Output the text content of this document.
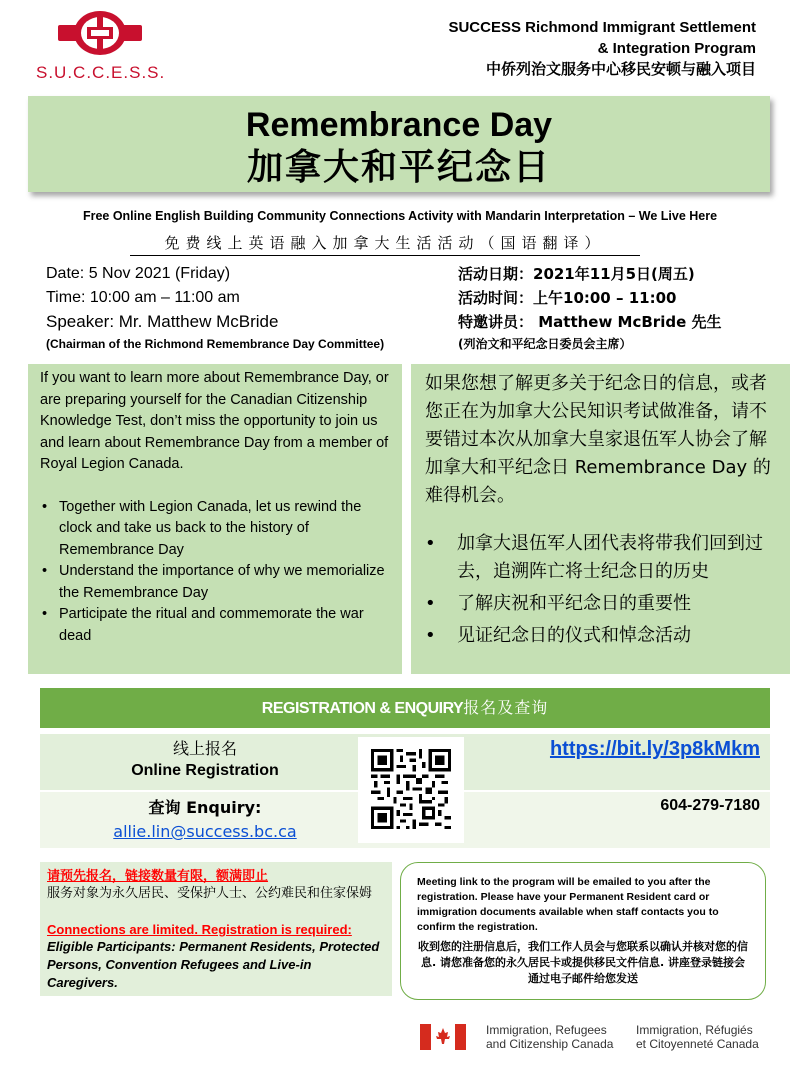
S.U.C.C.E.S.S.
SUCCESS Richmond Immigrant Settlement
& Integration Program
中侨列治文服务中心移民安顿与融入项目
Remembrance Day
加拿大和平纪念日
Free Online English Building Community Connections Activity with Mandarin Interpretation – We Live Here
免费线上英语融入加拿大生活活动（国语翻译）
Date: 5 Nov 2021 (Friday)
Time: 10:00 am – 11:00 am
Speaker: Mr. Matthew McBride
(Chairman of the Richmond Remembrance Day Committee)
活动日期：2021年11月5日(周五)
活动时间：上午10:00 – 11:00
特邀讲员： Matthew McBride 先生
(列治文和平纪念日委员会主席）
If you want to learn more about Remembrance Day, or are preparing yourself for the Canadian Citizenship Knowledge Test, don’t miss the opportunity to join us and learn about Remembrance Day from a member of Royal Legion Canada.
• Together with Legion Canada, let us rewind the clock and take us back to the history of Remembrance Day
• Understand the importance of why we memorialize the Remembrance Day
• Participate the ritual and commemorate the war dead
如果您想了解更多关于纪念日的信息，或者您正在为加拿大公民知识考试做准备，请不要错过本次从加拿大皇家退伍军人协会了解加拿大和平纪念日 Remembrance Day 的难得机会。
• 加拿大退伍军人团代表将带我们回到过去，追溯阵亡将士纪念日的历史
• 了解庆祝和平纪念日的重要性
• 见证纪念日的仪式和悼念活动
REGISTRATION & ENQUIRY报名及查询
线上报名
Online Registration
查询 Enquiry:
allie.lin@success.bc.ca
https://bit.ly/3p8kMkm
604-279-7180
请预先报名，链接数量有限，额满即止
服务对象为永久居民、受保护人士、公约难民和住家保姆
Connections are limited. Registration is required:
Eligible Participants: Permanent Residents, Protected Persons, Convention Refugees and Live-in Caregivers.
Meeting link to the program will be emailed to you after the registration. Please have your Permanent Resident card or immigration documents available when staff contacts you to confirm the registration.
收到您的注册信息后，我们工作人员会与您联系以确认并核对您的信息. 请您准备您的永久居民卡或提供移民文件信息. 讲座登录链接会通过电子邮件给您发送
Immigration, Refugees
and Citizenship Canada
Immigration, Réfugiés
et Citoyenneté Canada
